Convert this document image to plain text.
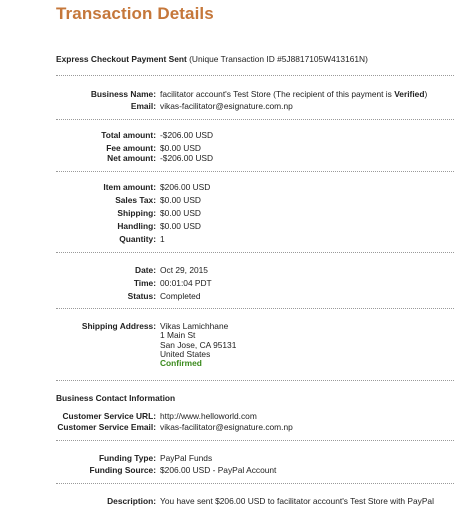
Transaction Details
Express Checkout Payment Sent (Unique Transaction ID #5J8817105W413161N)
Business Name: facilitator account's Test Store (The recipient of this payment is Verified)
Email: vikas-facilitator@esignature.com.np
Total amount: -$206.00 USD
Fee amount: $0.00 USD
Net amount: -$206.00 USD
Item amount: $206.00 USD
Sales Tax: $0.00 USD
Shipping: $0.00 USD
Handling: $0.00 USD
Quantity: 1
Date: Oct 29, 2015
Time: 00:01:04 PDT
Status: Completed
Shipping Address: Vikas Lamichhane
1 Main St
San Jose, CA 95131
United States
Confirmed
Business Contact Information
Customer Service URL: http://www.helloworld.com
Customer Service Email: vikas-facilitator@esignature.com.np
Funding Type: PayPal Funds
Funding Source: $206.00 USD - PayPal Account
Description: You have sent $206.00 USD to facilitator account's Test Store with PayPal
